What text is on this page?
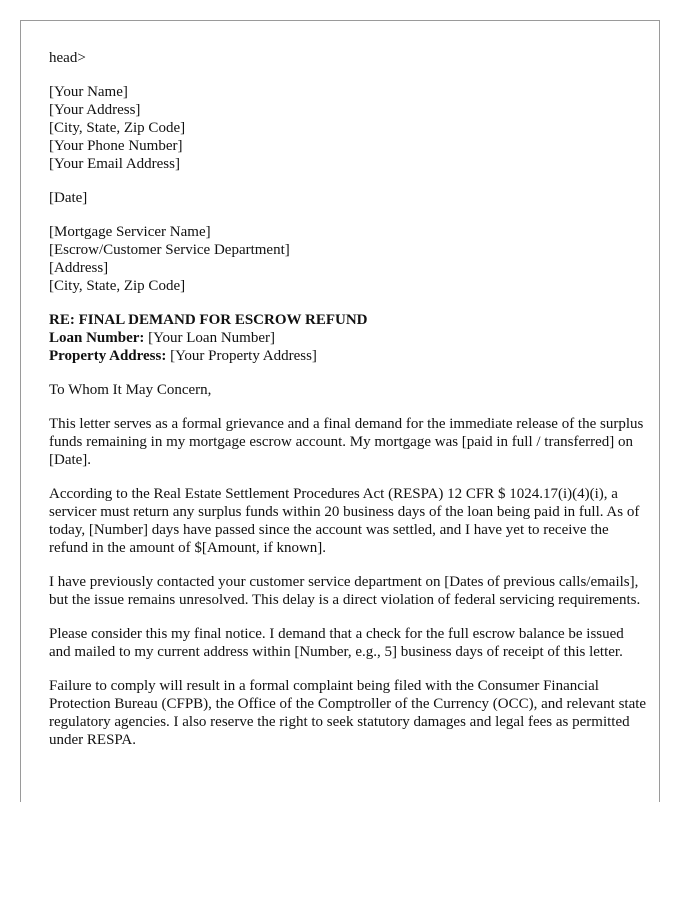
head>
[Your Name]
[Your Address]
[City, State, Zip Code]
[Your Phone Number]
[Your Email Address]
[Date]
[Mortgage Servicer Name]
[Escrow/Customer Service Department]
[Address]
[City, State, Zip Code]
RE: FINAL DEMAND FOR ESCROW REFUND
Loan Number: [Your Loan Number]
Property Address: [Your Property Address]

To Whom It May Concern,

This letter serves as a formal grievance and a final demand for the immediate release of the surplus funds remaining in my mortgage escrow account. My mortgage was [paid in full / transferred] on [Date].

According to the Real Estate Settlement Procedures Act (RESPA) 12 CFR $ 1024.17(i)(4)(i), a servicer must return any surplus funds within 20 business days of the loan being paid in full. As of today, [Number] days have passed since the account was settled, and I have yet to receive the refund in the amount of $[Amount, if known].

I have previously contacted your customer service department on [Dates of previous calls/emails], but the issue remains unresolved. This delay is a direct violation of federal servicing requirements.

Please consider this my final notice. I demand that a check for the full escrow balance be issued and mailed to my current address within [Number, e.g., 5] business days of receipt of this letter.

Failure to comply will result in a formal complaint being filed with the Consumer Financial Protection Bureau (CFPB), the Office of the Comptroller of the Currency (OCC), and relevant state regulatory agencies. I also reserve the right to seek statutory damages and legal fees as permitted under RESPA.
